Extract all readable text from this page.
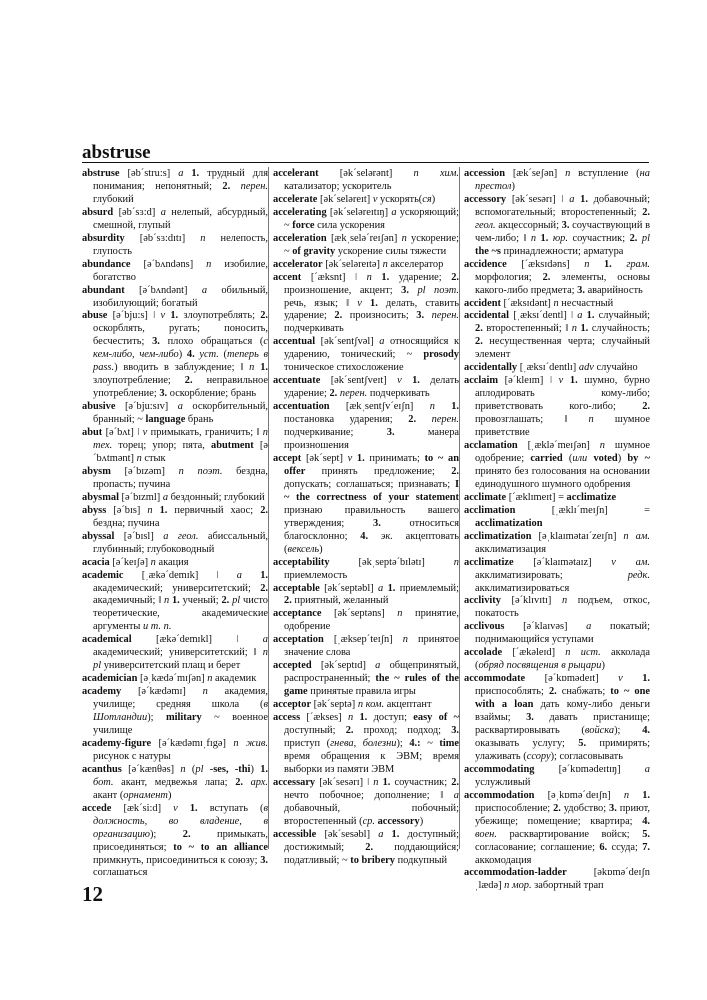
abstruse

abstruse [əb´stru:s] a 1. трудный для понимания; непонятный; 2. перен. глубокий

absurd [əb´sɜ:d] a нелепый, абсурдный, смешной, глупый

absurdity [əb´sɜ:dɪtɪ] n нелепость, глупость

abundance [ə´bʌndəns] n изобилие, богатство

abundant [ə´bʌndənt] a обильный, изобилующий; богатый

abuse [ə´bju:s] ǀ v 1. злоупотреблять; 2. оскорблять, ругать; поносить, бесчестить; 3. плохо обращаться (с кем-либо, чем-либо) 4. уст. (теперь в pass.) вводить в заблуждение; ǁ n 1. злоупотребление; 2. неправильное употребление; 3. оскорбление; брань

abusive [ə´bju:sɪv] a оскорбительный, бранный; ~ language брань

abut [ə´bʌt] ǀ v примыкать, граничить; ǁ n тех. торец; упор; пята, abutment [ə´bʌtmənt] n стык

abysm [ə´bɪzəm] n поэт. бездна, пропасть; пучина

abysmal [ə´bɪzml] a бездонный; глубокий

abyss [ə´bɪs] n 1. первичный хаос; 2. бездна; пучина

abyssal [ə´bɪsl] a геол. абиссальный, глубинный; глубоководный

acacia [ə´keɪʃə] n акация

academic [ˌækə´demɪk] ǀ a 1. академический; университетский; 2. академичный; ǁ n 1. ученый; 2. pl чисто теоретические, академические аргументы и т. п.

academical [ækə´demɪkl] ǀ a академический; университетский; ǁ n pl университетский плащ и берет

academician [əˌkædə´mɪʃən] n академик

academy [ə´kædəmɪ] n академия, училище; средняя школа (в Шотландии); military ~ военное училище

academy-figure [ə´kædəmɪˌfɪgə] n жив. рисунок с натуры

acanthus [ə´kænθəs] n (pl -ses, -thi) 1. бот. акант, медвежья лапа; 2. арх. акант (орнамент)

accede [æk´si:d] v 1. вступать (в должность, во владение, в организацию); 2. примыкать, присоединяться; to ~ to an alliance примкнуть, присоединиться к союзу; 3. соглашаться

accelerant [ək´selərənt] n хим. катализатор; ускоритель

accelerate [ək´seləreɪt] v ускорять(ся)

accelerating [ək´seləreɪtɪŋ] a ускоряющий; ~ force сила ускорения

acceleration [ækˌselə´reɪʃən] n ускорение; ~ of gravity ускорение силы тяжести

accelerator [ək´seləreɪtə] n акселератор

accent [´æksnt] ǀ n 1. ударение; 2. произношение, акцент; 3. pl поэт. речь, язык; ǁ v 1. делать, ставить ударение; 2. произносить; 3. перен. подчеркивать

accentual [ək´sentʃvəl] a относящийся к ударению, тонический; ~ prosody тоническое стихосложение

accentuate [ək´sentʃveɪt] v 1. делать ударение; 2. перен. подчеркивать

accentuation [ækˌsentʃv´eɪʃn] n 1. постановка ударения; 2. перен. подчеркивание; 3. манера произношения

accept [ək´sept] v 1. принимать; to ~ an offer принять предложение; 2. допускать; соглашаться; признавать; I ~ the correctness of your statement признаю правильность вашего утверждения; 3. относиться благосклонно; 4. эк. акцептовать (вексель)

acceptability [əkˌseptə´bɪlətɪ] n приемлемость

acceptable [ək´septəbl] a 1. приемлемый; 2. приятный, желанный

acceptance [ək´septəns] n принятие, одобрение

acceptation [ˌæksep´teɪʃn] n принятое значение слова

accepted [ək´septɪd] a общепринятый, распространенный; the ~ rules of the game принятые правила игры

acceptor [ək´septə] n ком. акцептант

access [´ækses] n 1. доступ; easy of ~ доступный; 2. проход; подход; 3. приступ (гнева, болезни); 4.: ~ time время обращения к ЭВМ; время выборки из памяти ЭВМ

accessary [ək´sesərɪ] ǀ n 1. соучастник; 2. нечто побочное; дополнение; ǁ a добавочный, побочный; второстепенный (ср. accessory)

accessible [ək´sesəbl] a 1. доступный; достижимый; 2. поддающийся; податливый; ~ to bribery подкупный

accession [æk´seʃən] n вступление (на престол)

accessory [ək´sesərɪ] ǀ a 1. добавочный; вспомогательный; второстепенный; 2. геол. акцессорный; 3. соучаствующий в чем-либо; ǁ n 1. юр. соучастник; 2. pl the ~s принадлежности; арматура

accidence [´æksɪdəns] n 1. грам. морфология; 2. элементы, основы какого-либо предмета; 3. аварийность

accident [´æksɪdənt] n несчастный

accidental [ˌæksɪ´dentl] ǀ a 1. случайный; 2. второстепенный; ǁ n 1. случайность; 2. несущественная черта; случайный элемент

accidentally [ˌæksɪ´dentlɪ] adv случайно

acclaim [ə´kleɪm] ǀ v 1. шумно, бурно аплодировать кому-либо; приветствовать кого-либо; 2. провозглашать; ǁ n шумное приветствие

acclamation [ˌæklə´meɪʃən] n шумное одобрение; carried (или voted) by ~ принято без голосования на основании единодушного шумного одобрения

acclimate [´æklɪmeɪt] = acclimatize

acclimation [ˌæklɪ´meɪʃn] = acclimatization

acclimatization [əˌklaɪmətaɪ´zeɪʃn] n ам. акклиматизация

acclimatize [ə´klaɪmətaɪz] v ам. акклиматизировать; редк. акклиматизироваться

acclivity [ə´klɪvɪtɪ] n подъем, откос, покатость

acclivous [ə´klaɪvəs] a покатый; поднимающийся уступами

accolade [´ækəleɪd] n ист. акколада (обряд посвящения в рыцари)

accommodate [ə´kɒmədeɪt] v 1. приспособлять; 2. снабжать; to ~ one with a loan дать кому-либо деньги взаймы; 3. давать пристанище; расквартировывать (войска); 4. оказывать услугу; 5. примирять; улаживать (ссору); согласовывать

accommodating [ə´kɒmədeɪtɪŋ] a услужливый

accommodation [əˌkɒmə´deɪʃn] n 1. приспособление; 2. удобство; 3. приют, убежище; помещение; квартира; 4. воен. расквартирование войск; 5. согласование; соглашение; 6. ссуда; 7. аккомодация

accommodation-ladder [əkɒmə´deɪʃnˌlædə] n мор. забортный трап

12
